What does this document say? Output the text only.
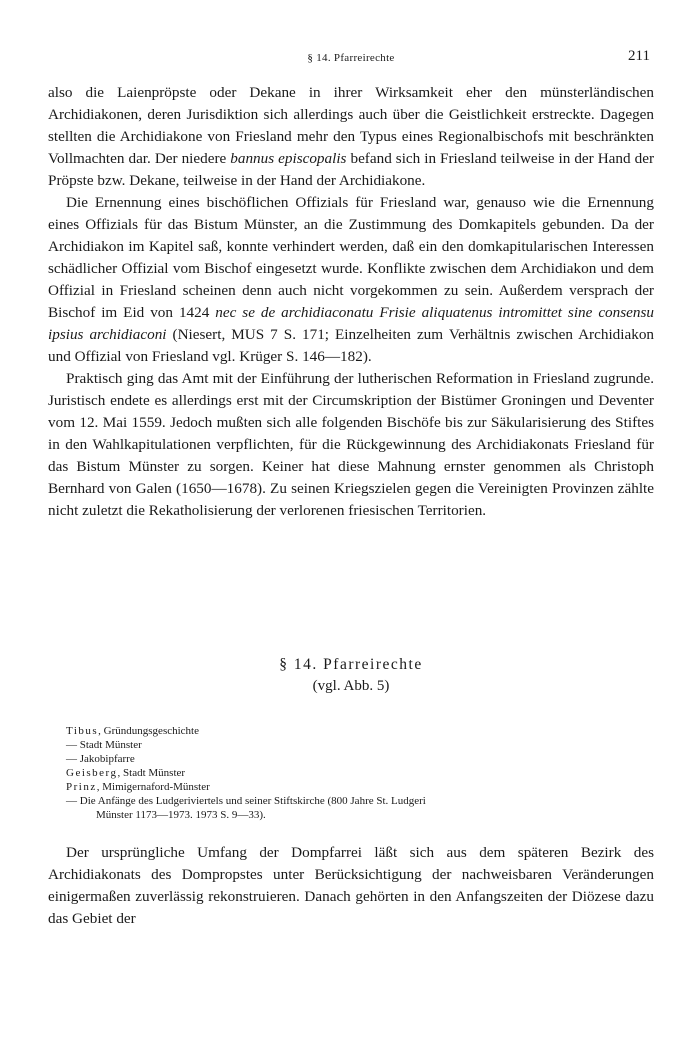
§ 14. Pfarreirechte	211

also die Laienpröpste oder Dekane in ihrer Wirksamkeit eher den münsterländischen Archidiakonen, deren Jurisdiktion sich allerdings auch über die Geistlichkeit erstreckte. Dagegen stellten die Archidiakone von Friesland mehr den Typus eines Regionalbischofs mit beschränkten Vollmachten dar. Der niedere bannus episcopalis befand sich in Friesland teilweise in der Hand der Pröpste bzw. Dekane, teilweise in der Hand der Archidiakone.

Die Ernennung eines bischöflichen Offizials für Friesland war, genauso wie die Ernennung eines Offizials für das Bistum Münster, an die Zustimmung des Domkapitels gebunden. Da der Archidiakon im Kapitel saß, konnte verhindert werden, daß ein den domkapitularischen Interessen schädlicher Offizial vom Bischof eingesetzt wurde. Konflikte zwischen dem Archidiakon und dem Offizial in Friesland scheinen denn auch nicht vorgekommen zu sein. Außerdem versprach der Bischof im Eid von 1424 nec se de archidiaconatu Frisie aliquatenus intromittet sine consensu ipsius archidiaconi (Niesert, MUS 7 S. 171; Einzelheiten zum Verhältnis zwischen Archidiakon und Offizial von Friesland vgl. Krüger S. 146—182).

Praktisch ging das Amt mit der Einführung der lutherischen Reformation in Friesland zugrunde. Juristisch endete es allerdings erst mit der Circumskription der Bistümer Groningen und Deventer vom 12. Mai 1559. Jedoch mußten sich alle folgenden Bischöfe bis zur Säkularisierung des Stiftes in den Wahlkapitulationen verpflichten, für die Rückgewinnung des Archidiakonats Friesland für das Bistum Münster zu sorgen. Keiner hat diese Mahnung ernster genommen als Christoph Bernhard von Galen (1650—1678). Zu seinen Kriegszielen gegen die Vereinigten Provinzen zählte nicht zuletzt die Rekatholisierung der verlorenen friesischen Territorien.

§ 14. Pfarreirechte
(vgl. Abb. 5)
Tibus, Gründungsgeschichte
— Stadt Münster
— Jakobipfarre
Geisberg, Stadt Münster
Prinz, Mimigernaford-Münster
— Die Anfänge des Ludgeriviertels und seiner Stiftskirche (800 Jahre St. Ludgeri
Münster 1173—1973. 1973 S. 9—33).

Der ursprüngliche Umfang der Dompfarrei läßt sich aus dem späteren Bezirk des Archidiakonats des Dompropstes unter Berücksichtigung der nachweisbaren Veränderungen einigermaßen zuverlässig rekonstruieren. Danach gehörten in den Anfangszeiten der Diözese dazu das Gebiet der
